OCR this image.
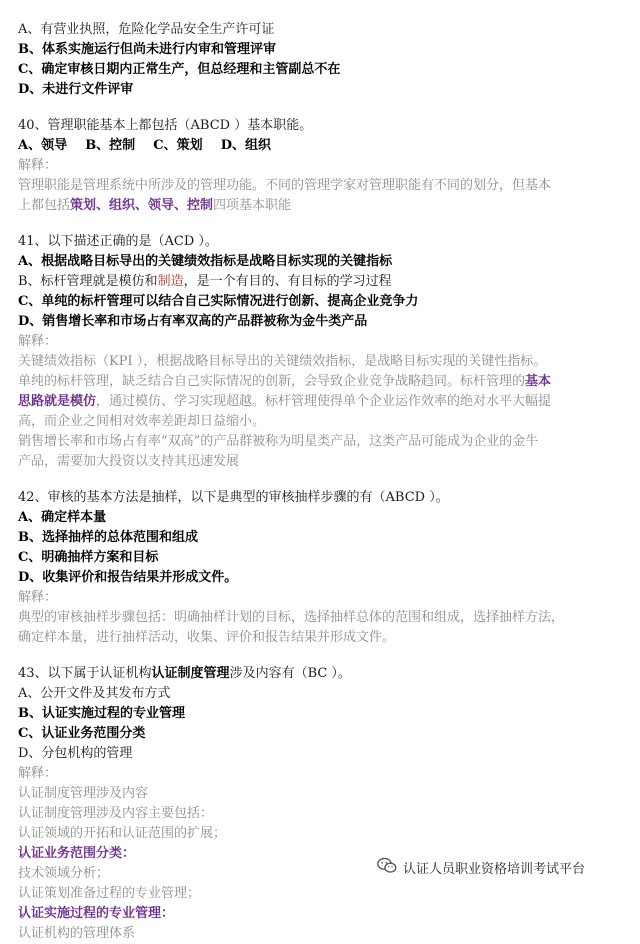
A、有营业执照，危险化学品安全生产许可证
B、体系实施运行但尚未进行内审和管理评审
C、确定审核日期内正常生产，但总经理和主管副总不在
D、未进行文件评审
40、管理职能基本上都包括（ABCD ）基本职能。
A、领导    B、控制    C、策划    D、组织
解释：
管理职能是管理系统中所涉及的管理功能。不同的管理学家对管理职能有不同的划分，但基本
上都包括策划、组织、领导、控制四项基本职能
41、以下描述正确的是（ACD ）。
A、根据战略目标导出的关键绩效指标是战略目标实现的关键指标
B、标杆管理就是模仿和制造，是一个有目的、有目标的学习过程
C、单纯的标杆管理可以结合自己实际情况进行创新、提高企业竞争力
D、销售增长率和市场占有率双高的产品群被称为金牛类产品
解释：
关键绩效指标（KPI ），根据战略目标导出的关键绩效指标，是战略目标实现的关键性指标。
单纯的标杆管理，缺乏结合自己实际情况的创新，会导致企业竞争战略趋同。标杆管理的基本
思路就是模仿，通过模仿、学习实现超越。标杆管理使得单个企业运作效率的绝对水平大幅提
高，而企业之间相对效率差距却日益缩小。
销售增长率和市场占有率“双高”的产品群被称为明星类产品，这类产品可能成为企业的金牛
产品，需要加大投资以支持其迅速发展
42、审核的基本方法是抽样，以下是典型的审核抽样步骤的有（ABCD ）。
A、确定样本量
B、选择抽样的总体范围和组成
C、明确抽样方案和目标
D、收集评价和报告结果并形成文件。
解释：
典型的审核抽样步骤包括：明确抽样计划的目标，选择抽样总体的范围和组成，选择抽样方法，
确定样本量，进行抽样活动，收集、评价和报告结果并形成文件。
43、以下属于认证机构认证制度管理涉及内容有（BC ）。
A、公开文件及其发布方式
B、认证实施过程的专业管理
C、认证业务范围分类
D、分包机构的管理
解释：
认证制度管理涉及内容
认证制度管理涉及内容主要包括：
认证领域的开拓和认证范围的扩展；
认证业务范围分类：
技术领域分析；
认证策划准备过程的专业管理；
认证实施过程的专业管理：
认证机构的管理体系
认证人员职业资格培训考试平台
